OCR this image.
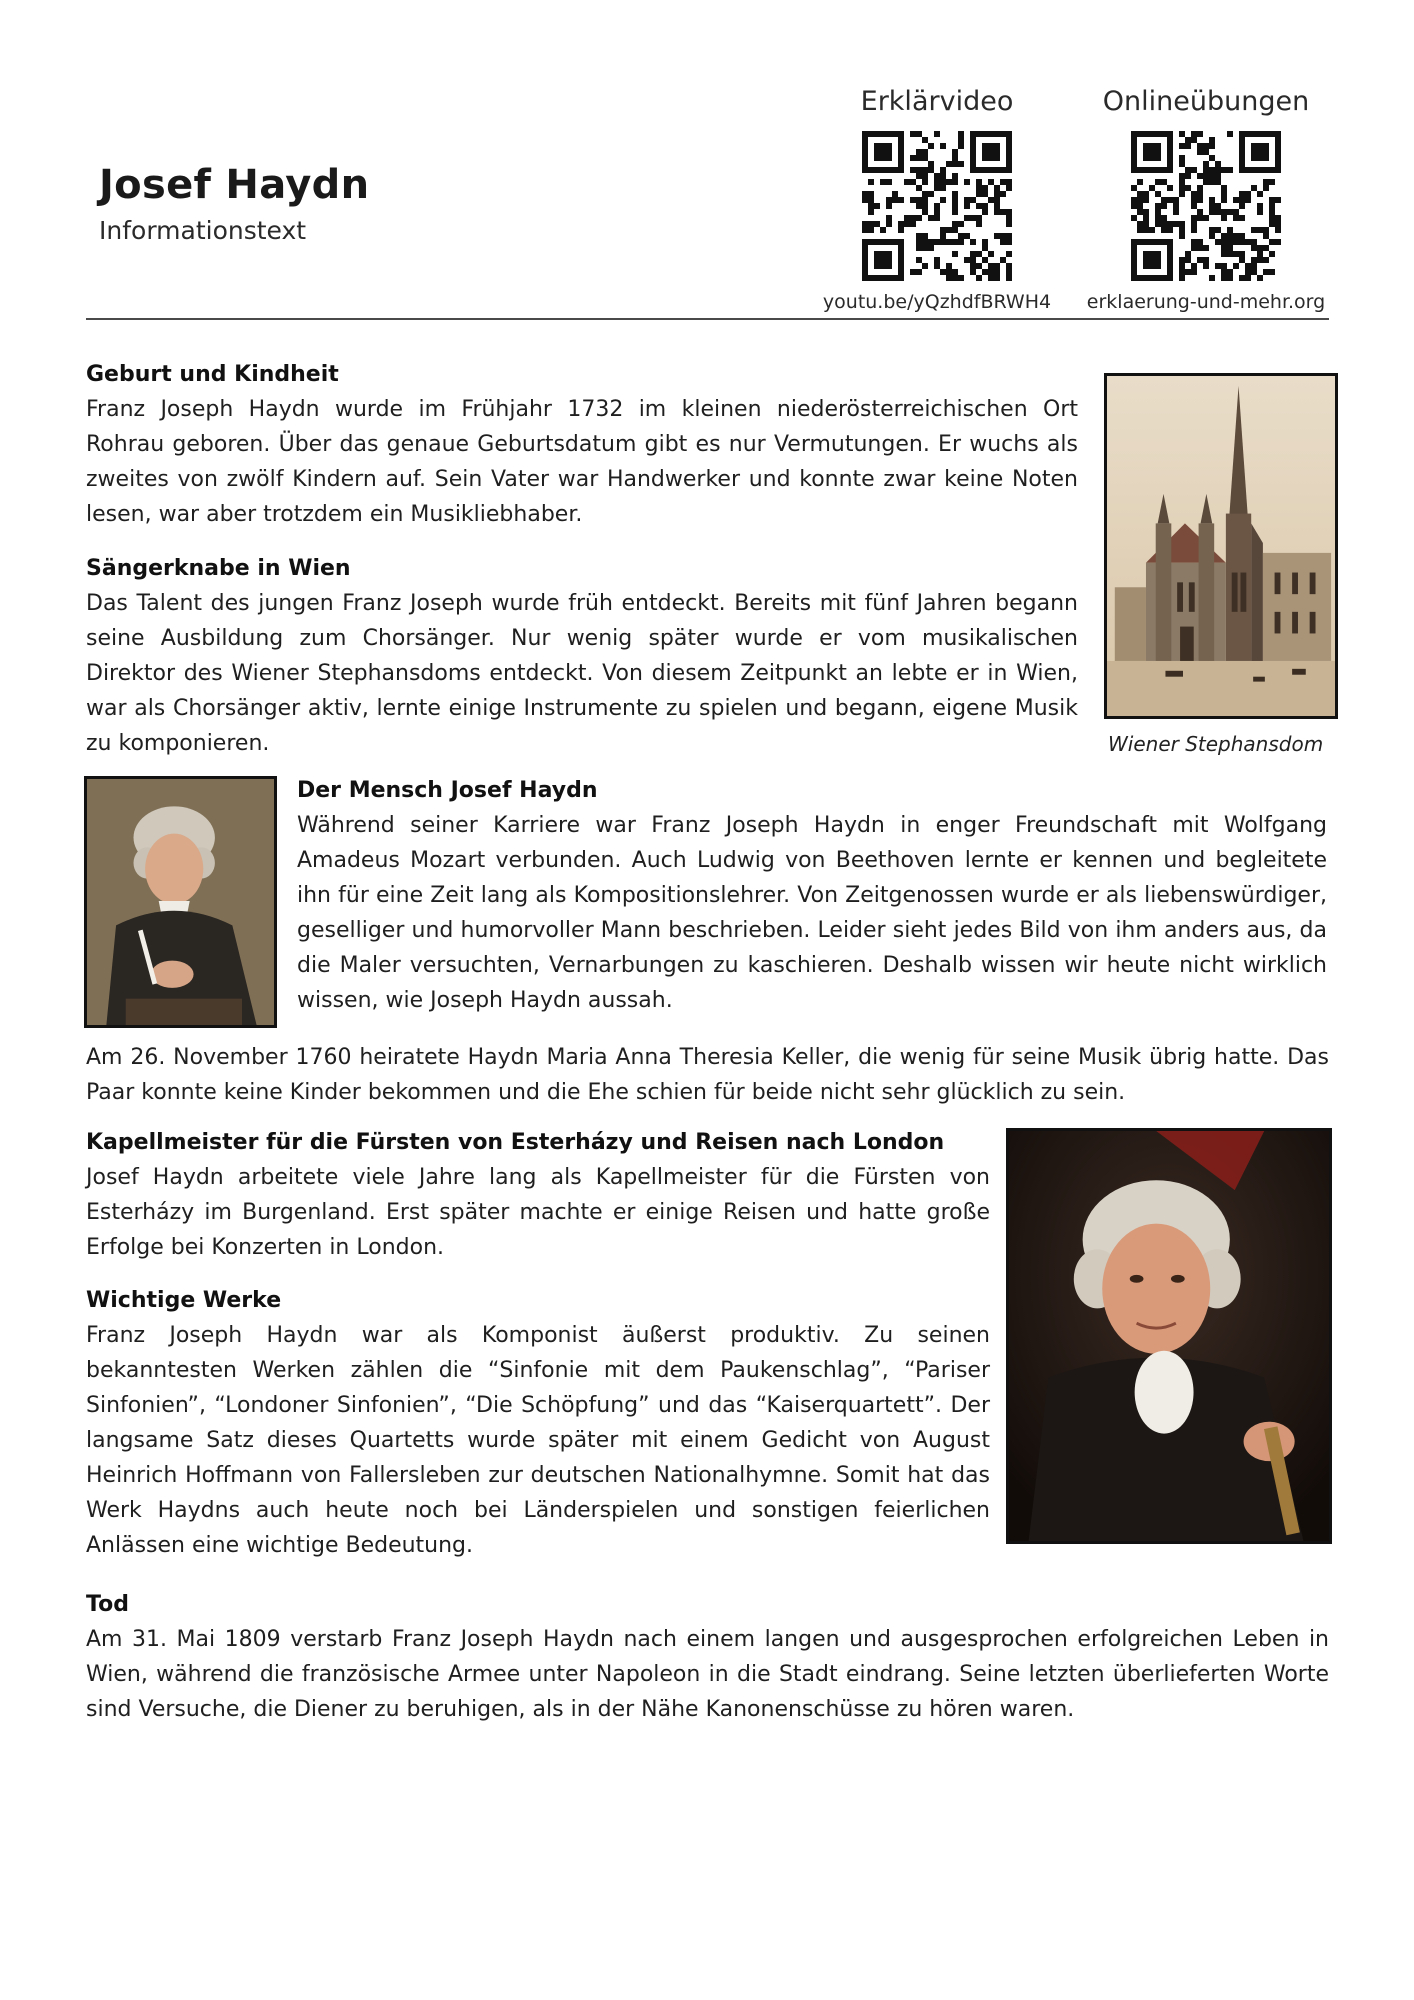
Josef Haydn
Informationstext
Erklärvideo
youtu.be/yQzhdfBRWH4
Onlineübungen
erklaerung-und-mehr.org
Geburt und Kindheit

Franz Joseph Haydn wurde im Frühjahr 1732 im kleinen niederösterreichischen Ort Rohrau geboren. Über das genaue Geburtsdatum gibt es nur Vermutungen. Er wuchs als zweites von zwölf Kindern auf. Sein Vater war Handwerker und konnte zwar keine Noten lesen, war aber trotzdem ein Musikliebhaber.

Sängerknabe in Wien

Das Talent des jungen Franz Joseph wurde früh entdeckt. Bereits mit fünf Jahren begann seine Ausbildung zum Chorsänger. Nur wenig später wurde er vom musikalischen Direktor des Wiener Stephansdoms entdeckt. Von diesem Zeitpunkt an lebte er in Wien, war als Chorsänger aktiv, lernte einige Instrumente zu spielen und begann, eigene Musik zu komponieren.	Wiener Stephansdom
Der Mensch Josef Haydn

Während seiner Karriere war Franz Joseph Haydn in enger Freundschaft mit Wolfgang Amadeus Mozart verbunden. Auch Ludwig von Beethoven lernte er kennen und begleitete ihn für eine Zeit lang als Kompositionslehrer. Von Zeitgenossen wurde er als liebenswürdiger, geselliger und humorvoller Mann beschrieben. Leider sieht jedes Bild von ihm anders aus, da die Maler versuchten, Vernarbungen zu kaschieren. Deshalb wissen wir heute nicht wirklich wissen, wie Joseph Haydn aussah.

Am 26. November 1760 heiratete Haydn Maria Anna Theresia Keller, die wenig für seine Musik übrig hatte. Das Paar konnte keine Kinder bekommen und die Ehe schien für beide nicht sehr glücklich zu sein.

Kapellmeister für die Fürsten von Esterházy und Reisen nach London

Josef Haydn arbeitete viele Jahre lang als Kapellmeister für die Fürsten von Esterházy im Burgenland. Erst später machte er einige Reisen und hatte große Erfolge bei Konzerten in London.

Wichtige Werke

Franz Joseph Haydn war als Komponist äußerst produktiv. Zu seinen bekanntesten Werken zählen die “Sinfonie mit dem Paukenschlag”, “Pariser Sinfonien”, “Londoner Sinfonien”, “Die Schöpfung” und das “Kaiserquartett”. Der langsame Satz dieses Quartetts wurde später mit einem Gedicht von August Heinrich Hoffmann von Fallersleben zur deutschen Nationalhymne. Somit hat das Werk Haydns auch heute noch bei Länderspielen und sonstigen feierlichen Anlässen eine wichtige Bedeutung.

Tod

Am 31. Mai 1809 verstarb Franz Joseph Haydn nach einem langen und ausgesprochen erfolgreichen Leben in Wien, während die französische Armee unter Napoleon in die Stadt eindrang. Seine letzten überlieferten Worte sind Versuche, die Diener zu beruhigen, als in der Nähe Kanonenschüsse zu hören waren.
